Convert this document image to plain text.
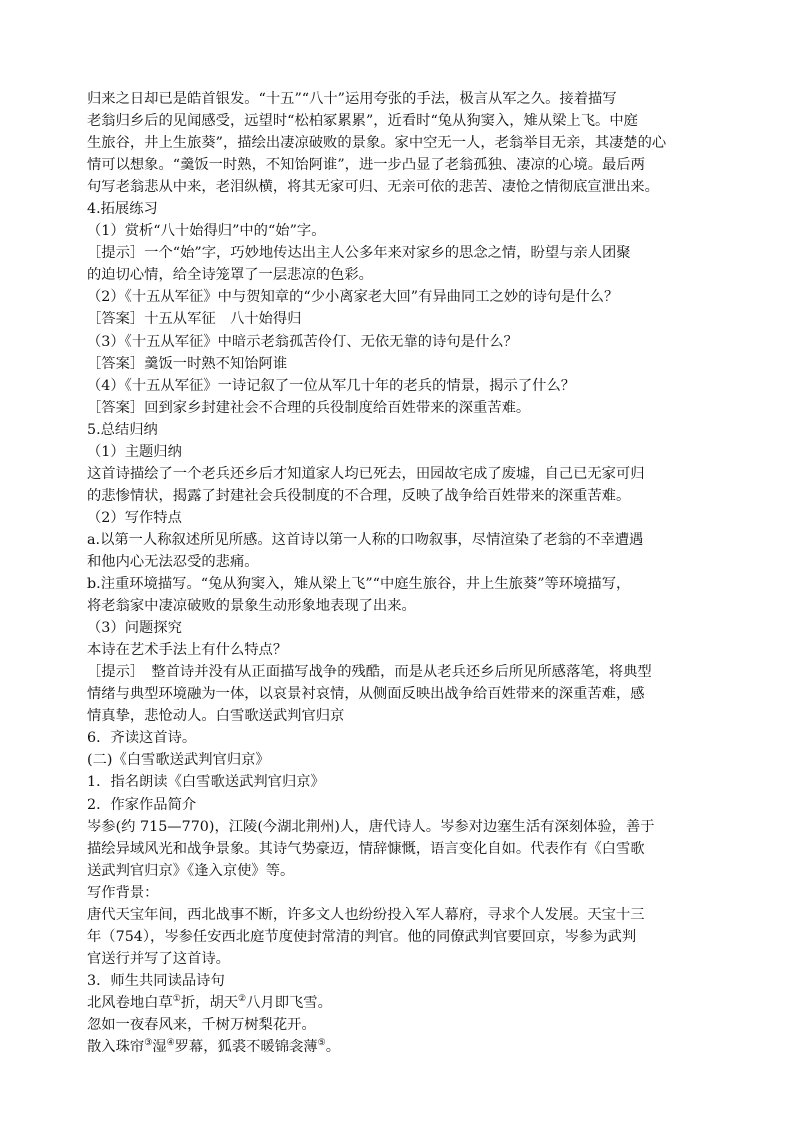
归来之日却已是皓首银发。“十五”“八十”运用夸张的手法，极言从军之久。接着描写
老翁归乡后的见闻感受，远望时“松柏冢累累”，近看时“兔从狗窦入，雉从梁上飞。中庭
生旅谷，井上生旅葵”，描绘出凄凉破败的景象。家中空无一人，老翁举目无亲，其凄楚的心
情可以想象。“羹饭一时熟，不知饴阿谁”，进一步凸显了老翁孤独、凄凉的心境。最后两
句写老翁悲从中来，老泪纵横，将其无家可归、无亲可依的悲苦、凄怆之情彻底宣泄出来。
4.拓展练习
（1）赏析“八十始得归”中的“始”字。
［提示］一个“始”字，巧妙地传达出主人公多年来对家乡的思念之情，盼望与亲人团聚
的迫切心情，给全诗笼罩了一层悲凉的色彩。
（2）《十五从军征》中与贺知章的“少小离家老大回”有异曲同工之妙的诗句是什么？
［答案］十五从军征　八十始得归
（3）《十五从军征》中暗示老翁孤苦伶仃、无依无靠的诗句是什么？
［答案］羹饭一时熟不知饴阿谁
（4）《十五从军征》一诗记叙了一位从军几十年的老兵的情景，揭示了什么？
［答案］回到家乡封建社会不合理的兵役制度给百姓带来的深重苦难。
5.总结归纳
（1）主题归纳
这首诗描绘了一个老兵还乡后才知道家人均已死去，田园故宅成了废墟，自己已无家可归
的悲惨情状，揭露了封建社会兵役制度的不合理，反映了战争给百姓带来的深重苦难。
（2）写作特点
a.以第一人称叙述所见所感。这首诗以第一人称的口吻叙事，尽情渲染了老翁的不幸遭遇
和他内心无法忍受的悲痛。
b.注重环境描写。“兔从狗窦入，雉从梁上飞”“中庭生旅谷，井上生旅葵”等环境描写，
将老翁家中凄凉破败的景象生动形象地表现了出来。
（3）问题探究
本诗在艺术手法上有什么特点？
［提示］　整首诗并没有从正面描写战争的残酷，而是从老兵还乡后所见所感落笔，将典型
情绪与典型环境融为一体，以哀景衬哀情，从侧面反映出战争给百姓带来的深重苦难，感
情真挚，悲怆动人。白雪歌送武判官归京
6．齐读这首诗。
(二)《白雪歌送武判官归京》
1．指名朗读《白雪歌送武判官归京》
2．作家作品简介
岑参(约 715—770)，江陵(今湖北荆州)人，唐代诗人。岑参对边塞生活有深刻体验，善于
描绘异域风光和战争景象。其诗气势豪迈，情辞慷慨，语言变化自如。代表作有《白雪歌
送武判官归京》《逢入京使》等。
写作背景：
唐代天宝年间，西北战事不断，许多文人也纷纷投入军人幕府，寻求个人发展。天宝十三
年（754），岑参任安西北庭节度使封常清的判官。他的同僚武判官要回京，岑参为武判
官送行并写了这首诗。
3．师生共同读品诗句
北风卷地白草①折，胡天②八月即飞雪。
忽如一夜春风来，千树万树梨花开。
散入珠帘③湿④罗幕，狐裘不暖锦衾薄⑤。
